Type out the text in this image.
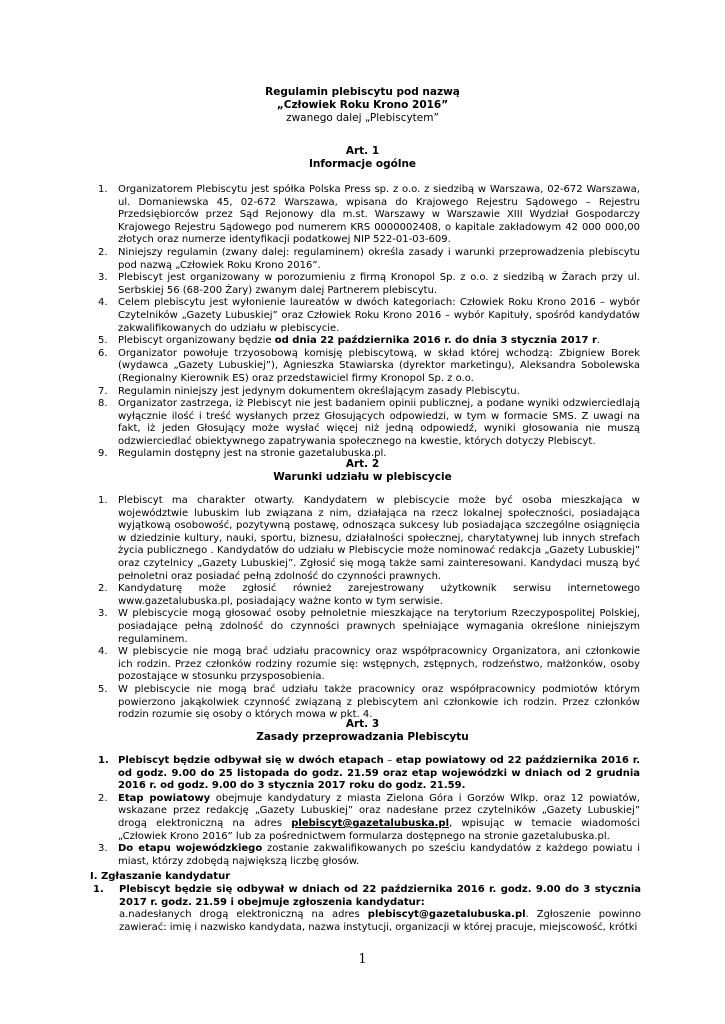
Regulamin plebiscytu pod nazwą
„Człowiek Roku Krono 2016”
zwanego dalej „Plebiscytem”
Art. 1
Informacje ogólne
1. Organizatorem Plebiscytu jest spółka Polska Press sp. z o.o. z siedzibą w Warszawa, 02-672 Warszawa, ul. Domaniewska 45, 02-672 Warszawa, wpisana do Krajowego Rejestru Sądowego – Rejestru Przedsiębiorców przez Sąd Rejonowy dla m.st. Warszawy w Warszawie XIII Wydział Gospodarczy Krajowego Rejestru Sądowego pod numerem KRS 0000002408, o kapitale zakładowym 42 000 000,00 złotych oraz numerze identyfikacji podatkowej NIP 522-01-03-609.
2. Niniejszy regulamin (zwany dalej: regulaminem) określa zasady i warunki przeprowadzenia plebiscytu pod nazwą „Człowiek Roku Krono 2016”.
3. Plebiscyt jest organizowany w porozumieniu z firmą Kronopol Sp. z o.o. z siedzibą w Żarach przy ul. Serbskiej 56 (68-200 Żary) zwanym dalej Partnerem plebiscytu.
4. Celem plebiscytu jest wyłonienie laureatów w dwóch kategoriach: Człowiek Roku Krono 2016 – wybór Czytelników „Gazety Lubuskiej” oraz Człowiek Roku Krono 2016 – wybór Kapituły, spośród kandydatów zakwalifikowanych do udziału w plebiscycie.
5. Plebiscyt organizowany będzie od dnia 22 października 2016 r. do dnia 3 stycznia 2017 r.
6. Organizator powołuje trzyosobową komisję plebiscytową, w skład której wchodzą: Zbigniew Borek (wydawca „Gazety Lubuskiej”), Agnieszka Stawiarska (dyrektor marketingu), Aleksandra Sobolewska (Regionalny Kierownik ES) oraz przedstawiciel firmy Kronopol Sp. z o.o.
7. Regulamin niniejszy jest jedynym dokumentem określającym zasady Plebiscytu.
8. Organizator zastrzega, iż Plebiscyt nie jest badaniem opinii publicznej, a podane wyniki odzwierciedlają wyłącznie ilość i treść wysłanych przez Głosujących odpowiedzi, w tym w formacie SMS. Z uwagi na fakt, iż jeden Głosujący może wysłać więcej niż jedną odpowiedź, wyniki głosowania nie muszą odzwierciedlać obiektywnego zapatrywania społecznego na kwestie, których dotyczy Plebiscyt.
9. Regulamin dostępny jest na stronie gazetalubuska.pl.
Art. 2
Warunki udziału w plebiscycie
1. Plebiscyt ma charakter otwarty. Kandydatem w plebiscycie może być osoba mieszkająca w województwie lubuskim lub związana z nim, działająca na rzecz lokalnej społeczności, posiadająca wyjątkową osobowość, pozytywną postawę, odnosząca sukcesy lub posiadająca szczególne osiągnięcia w dziedzinie kultury, nauki, sportu, biznesu, działalności społecznej, charytatywnej lub innych strefach życia publicznego . Kandydatów do udziału w Plebiscycie może nominować redakcja „Gazety Lubuskiej” oraz czytelnicy „Gazety Lubuskiej”. Zgłosić się mogą także sami zainteresowani. Kandydaci muszą być pełnoletni oraz posiadać pełną zdolność do czynności prawnych.
2. Kandydaturę może zgłosić również zarejestrowany użytkownik serwisu internetowego www.gazetalubuska.pl, posiadający ważne konto w tym serwisie.
3. W plebiscycie mogą głosować osoby pełnoletnie mieszkające na terytorium Rzeczypospolitej Polskiej, posiadające pełną zdolność do czynności prawnych spełniające wymagania określone niniejszym regulaminem.
4. W plebiscycie nie mogą brać udziału pracownicy oraz współpracownicy Organizatora, ani członkowie ich rodzin. Przez członków rodziny rozumie się: wstępnych, zstępnych, rodzeństwo, małżonków, osoby pozostające w stosunku przysposobienia.
5. W plebiscycie nie mogą brać udziału także pracownicy oraz współpracownicy podmiotów którym powierzono jakąkolwiek czynność związaną z plebiscytem ani członkowie ich rodzin. Przez członków rodzin rozumie się osoby o których mowa w pkt. 4.
Art. 3
Zasady przeprowadzania Plebiscytu
1. Plebiscyt będzie odbywał się w dwóch etapach – etap powiatowy od 22 października 2016 r. od godz. 9.00 do 25 listopada do godz. 21.59 oraz etap wojewódzki w dniach od 2 grudnia 2016 r. od godz. 9.00 do 3 stycznia 2017 roku do godz. 21.59.
2. Etap powiatowy obejmuje kandydatury z miasta Zielona Góra i Gorzów Wlkp. oraz 12 powiatów, wskazane przez redakcję „Gazety Lubuskiej” oraz nadesłane przez czytelników „Gazety Lubuskiej” drogą elektroniczną na adres plebiscyt@gazetalubuska.pl, wpisując w temacie wiadomości „Człowiek Krono 2016” lub za pośrednictwem formularza dostępnego na stronie gazetalubuska.pl.
3. Do etapu wojewódzkiego zostanie zakwalifikowanych po sześciu kandydatów z każdego powiatu i miast, którzy zdobędą największą liczbę głosów.
I. Zgłaszanie kandydatur
1.	Plebiscyt będzie się odbywał w dniach od 22 października 2016 r. godz. 9.00 do 3 stycznia 2017 r. godz. 21.59 i obejmuje zgłoszenia kandydatur:
a.nadesłanych drogą elektroniczną na adres plebiscyt@gazetalubuska.pl. Zgłoszenie powinno zawierać: imię i nazwisko kandydata, nazwa instytucji, organizacji w której pracuje, miejscowość, krótki
1
